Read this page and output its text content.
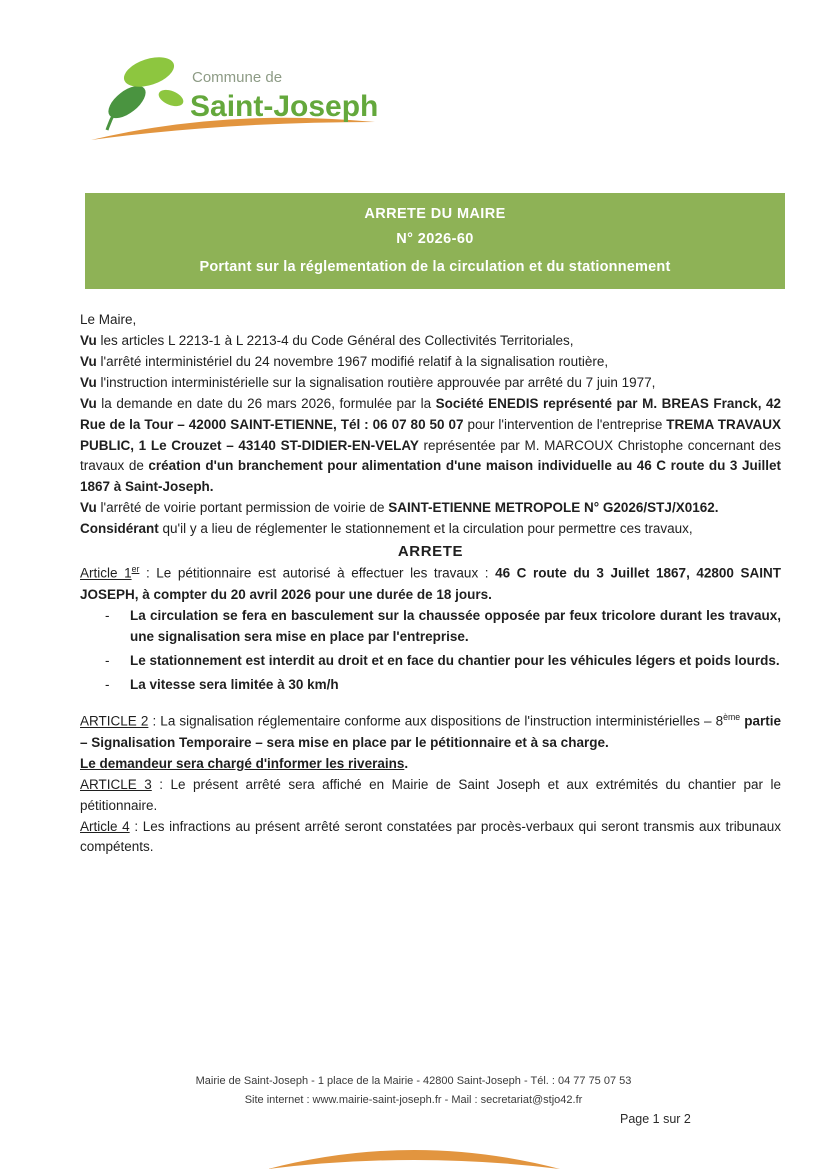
Commune de
Saint-Joseph
ARRETE DU MAIRE
N° 2026-60
Portant sur la réglementation de la circulation et du stationnement

Le Maire,

Vu les articles L 2213-1 à L 2213-4 du Code Général des Collectivités Territoriales,

Vu l'arrêté interministériel du 24 novembre 1967 modifié relatif à la signalisation routière,

Vu l'instruction interministérielle sur la signalisation routière approuvée par arrêté du 7 juin 1977,

Vu la demande en date du 26 mars 2026, formulée par la Société ENEDIS représenté par M. BREAS Franck, 42 Rue de la Tour – 42000 SAINT-ETIENNE, Tél : 06 07 80 50 07 pour l'intervention de l'entreprise TREMA TRAVAUX PUBLIC, 1 Le Crouzet – 43140 ST-DIDIER-EN-VELAY représentée par M. MARCOUX Christophe concernant des travaux de création d'un branchement pour alimentation d'une maison individuelle au 46 C route du 3 Juillet 1867 à Saint-Joseph.

Vu l'arrêté de voirie portant permission de voirie de SAINT-ETIENNE METROPOLE N° G2026/STJ/X0162.

Considérant qu'il y a lieu de réglementer le stationnement et la circulation pour permettre ces travaux,

ARRETE

Article 1er : Le pétitionnaire est autorisé à effectuer les travaux : 46 C route du 3 Juillet 1867, 42800 SAINT JOSEPH, à compter du 20 avril 2026 pour une durée de 18 jours.

-	La circulation se fera en basculement sur la chaussée opposée par feux tricolore durant les travaux, une signalisation sera mise en place par l'entreprise.
-	Le stationnement est interdit au droit et en face du chantier pour les véhicules légers et poids lourds.
-	La vitesse sera limitée à 30 km/h

ARTICLE 2 : La signalisation réglementaire conforme aux dispositions de l'instruction interministérielles – 8ème partie – Signalisation Temporaire – sera mise en place par le pétitionnaire et à sa charge.

Le demandeur sera chargé d'informer les riverains.

ARTICLE 3 : Le présent arrêté sera affiché en Mairie de Saint Joseph et aux extrémités du chantier par le pétitionnaire.

Article 4 : Les infractions au présent arrêté seront constatées par procès-verbaux qui seront transmis aux tribunaux compétents.

Mairie de Saint-Joseph - 1 place de la Mairie - 42800 Saint-Joseph - Tél. : 04 77 75 07 53
Site internet : www.mairie-saint-joseph.fr - Mail : secretariat@stjo42.fr
Page 1 sur 2
